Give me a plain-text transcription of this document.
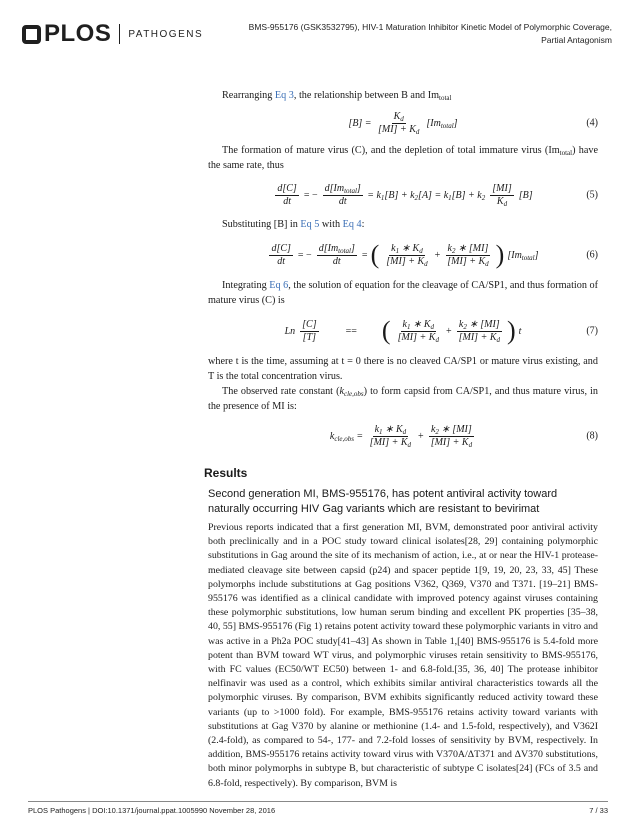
PLOS PATHOGENS
BMS-955176 (GSK3532795), HIV-1 Maturation Inhibitor Kinetic Model of Polymorphic Coverage,
Partial Antagonism

Rearranging Eq 3, the relationship between B and $Im_{total}$

$[B] = \frac{K_d}{[MI] + K_d} [Im_{total}]$	(4)

The formation of mature virus (C), and the depletion of total immature virus $(Im_{total})$ have the same rate, thus

$\frac{d[C]}{dt}$ = − $\frac{d[Im_{total}]}{dt} = k_1[B] + k_2[A] = k_1[B] + k_2 \frac{[MI]}{K_d} [B]$	(5)

Substituting [B] in Eq 5 with Eq 4:

$\frac{d[C]}{dt}$ = − $\frac{d[Im_{total}]}{dt}$ = ( $\frac{k_1 ∗ K_d}{[MI] + K_d} + \frac{k_2 ∗ [MI]}{[MI] + K_d}$ ) $[Im_{total}]$	(6)

Integrating Eq 6, the solution of equation for the cleavage of CA/SP1, and thus formation of mature virus (C) is

Ln $\frac{[C]}{[T]}$	== ( $\frac{k_1 ∗ K_d}{[MI] + K_d} + \frac{k_2 ∗ [MI]}{[MI] + K_d}$ ) t	(7)

where t is the time, assuming at t = 0 there is no cleaved CA/SP1 or mature virus existing, and T is the total concentration virus.

The observed rate constant $(k_{cle,obs})$ to form capsid from CA/SP1, and thus mature virus, in the presence of MI is:

$k_{cle,obs} = \frac{k_1 ∗ K_d}{[MI] + K_d} + \frac{k_2 ∗ [MI]}{[MI] + K_d}$	(8)
Results
Second generation MI, BMS-955176, has potent antiviral activity toward naturally occurring HIV Gag variants which are resistant to bevirimat

Previous reports indicated that a first generation MI, BVM, demonstrated poor antiviral activity both preclinically and in a POC study toward clinical isolates[28, 29] containing polymorphic substitutions in Gag around the site of its mechanism of action, i.e., at or near the HIV-1 protease-mediated cleavage site between capsid (p24) and spacer peptide 1[9, 19, 20, 23, 33, 45] These polymorphs include substitutions at Gag positions V362, Q369, V370 and T371. [19–21] BMS-955176 was identified as a clinical candidate with improved potency against viruses containing these polymorphic substitutions, low human serum binding and excellent PK properties [35–38, 40, 55] BMS-955176 (Fig 1) retains potent activity toward these polymorphic variants in vitro and was active in a Ph2a POC study[41–43] As shown in Table 1,[40] BMS-955176 is 5.4-fold more potent than BVM toward WT virus, and polymorphic viruses retain sensitivity to BMS-955176, with FC values (EC50/WT EC50) between 1- and 6.8-fold.[35, 36, 40] The protease inhibitor nelfinavir was used as a control, which exhibits similar antiviral characteristics towards all the polymorphic viruses. By comparison, BVM exhibits significantly reduced activity toward these variants (up to >1000 fold). For example, BMS-955176 retains activity toward variants with substitutions at Gag V370 by alanine or methionine (1.4- and 1.5-fold, respectively), and V362I (2.4-fold), as compared to 54-, 177- and 7.2-fold losses of sensitivity by BVM, respectively. In addition, BMS-955176 retains activity toward virus with V370A/ΔT371 and ΔV370 substitutions, both minor polymorphs in subtype B, but characteristic of subtype C isolates[24] (FCs of 3.5 and 6.8-fold, respectively). By comparison, BVM is

PLOS Pathogens | DOI:10.1371/journal.ppat.1005990 November 28, 2016	7 / 33
